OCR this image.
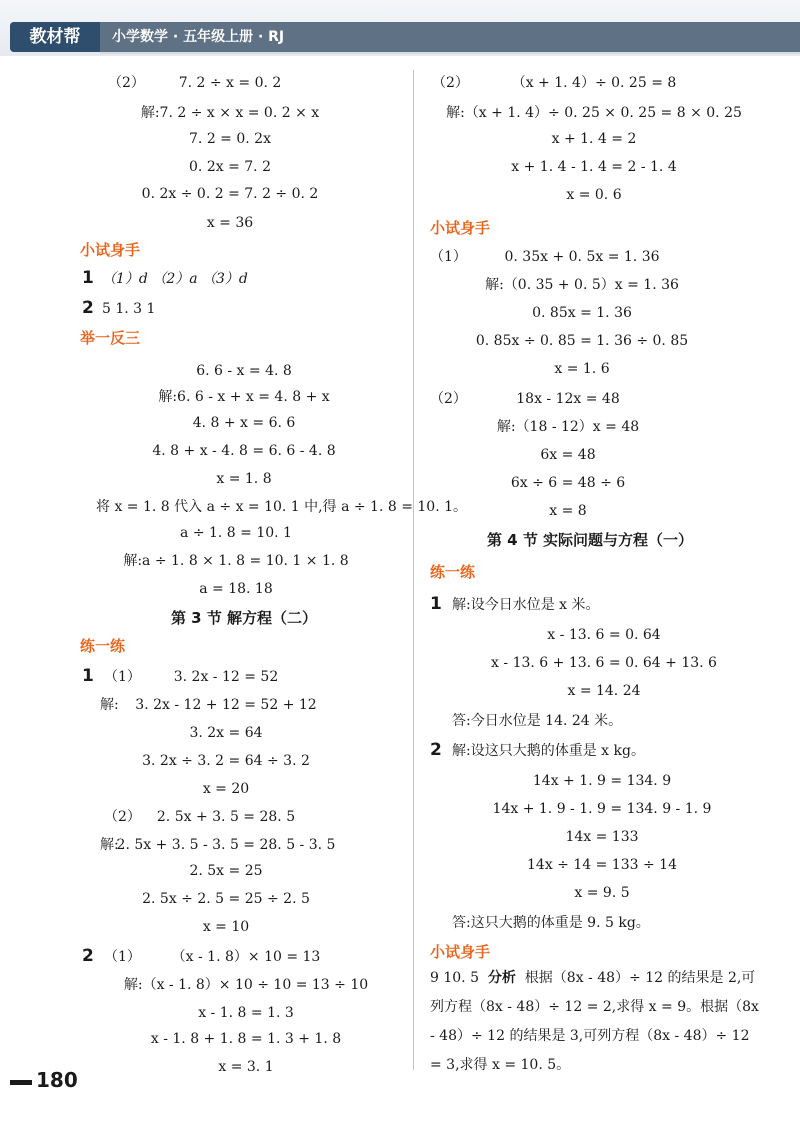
教材帮	小学数学 · 五年级上册 · RJ
（2） 7. 2 ÷ x = 0. 2
解:7. 2 ÷ x × x = 0. 2 × x
7. 2 = 0. 2x
0. 2x = 7. 2
0. 2x ÷ 0. 2 = 7. 2 ÷ 0. 2
x = 36
小试身手
1 （1）d （2）a （3）d
2 5 1. 3 1
举一反三
6. 6 - x = 4. 8
解:6. 6 - x + x = 4. 8 + x
4. 8 + x = 6. 6
4. 8 + x - 4. 8 = 6. 6 - 4. 8
x = 1. 8
将 x = 1. 8 代入 a ÷ x = 10. 1 中,得 a ÷ 1. 8 = 10. 1。
a ÷ 1. 8 = 10. 1
解:a ÷ 1. 8 × 1. 8 = 10. 1 × 1. 8
a = 18. 18
第 3 节 解方程（二）
练一练
1 （1） 3. 2x - 12 = 52
解: 3. 2x - 12 + 12 = 52 + 12
3. 2x = 64
3. 2x ÷ 3. 2 = 64 ÷ 3. 2
x = 20
（2） 2. 5x + 3. 5 = 28. 5
解:
2. 5x + 3. 5 - 3. 5 = 28. 5 - 3. 5
2. 5x = 25
2. 5x ÷ 2. 5 = 25 ÷ 2. 5
x = 10
2 （1） （x - 1. 8）× 10 = 13
解:（x - 1. 8）× 10 ÷ 10 = 13 ÷ 10
x - 1. 8 = 1. 3
x - 1. 8 + 1. 8 = 1. 3 + 1. 8
x = 3. 1
（2）	（x + 1. 4）÷ 0. 25 = 8
解:（x + 1. 4）÷ 0. 25 × 0. 25 = 8 × 0. 25
x + 1. 4 = 2
x + 1. 4 - 1. 4 = 2 - 1. 4
x = 0. 6
小试身手
（1）	0. 35x + 0. 5x = 1. 36
解:（0. 35 + 0. 5）x = 1. 36
0. 85x = 1. 36
0. 85x ÷ 0. 85 = 1. 36 ÷ 0. 85
x = 1. 6
（2）	18x - 12x = 48
解:（18 - 12）x = 48
6x = 48
6x ÷ 6 = 48 ÷ 6
x = 8
第 4 节 实际问题与方程（一）
练一练
1 解:设今日水位是 x 米。
x - 13. 6 = 0. 64
x - 13. 6 + 13. 6 = 0. 64 + 13. 6
x = 14. 24
答:今日水位是 14. 24 米。
2 解:设这只大鹅的体重是 x kg。
14x + 1. 9 = 134. 9
14x + 1. 9 - 1. 9 = 134. 9 - 1. 9
14x = 133
14x ÷ 14 = 133 ÷ 14
x = 9. 5
答:这只大鹅的体重是 9. 5 kg。
小试身手
9 10. 5 分析 根据（8x - 48）÷ 12 的结果是 2,可列方程（8x - 48）÷ 12 = 2,求得 x = 9。根据（8x - 48）÷ 12 的结果是 3,可列方程（8x - 48）÷ 12 = 3,求得 x = 10. 5。
180
